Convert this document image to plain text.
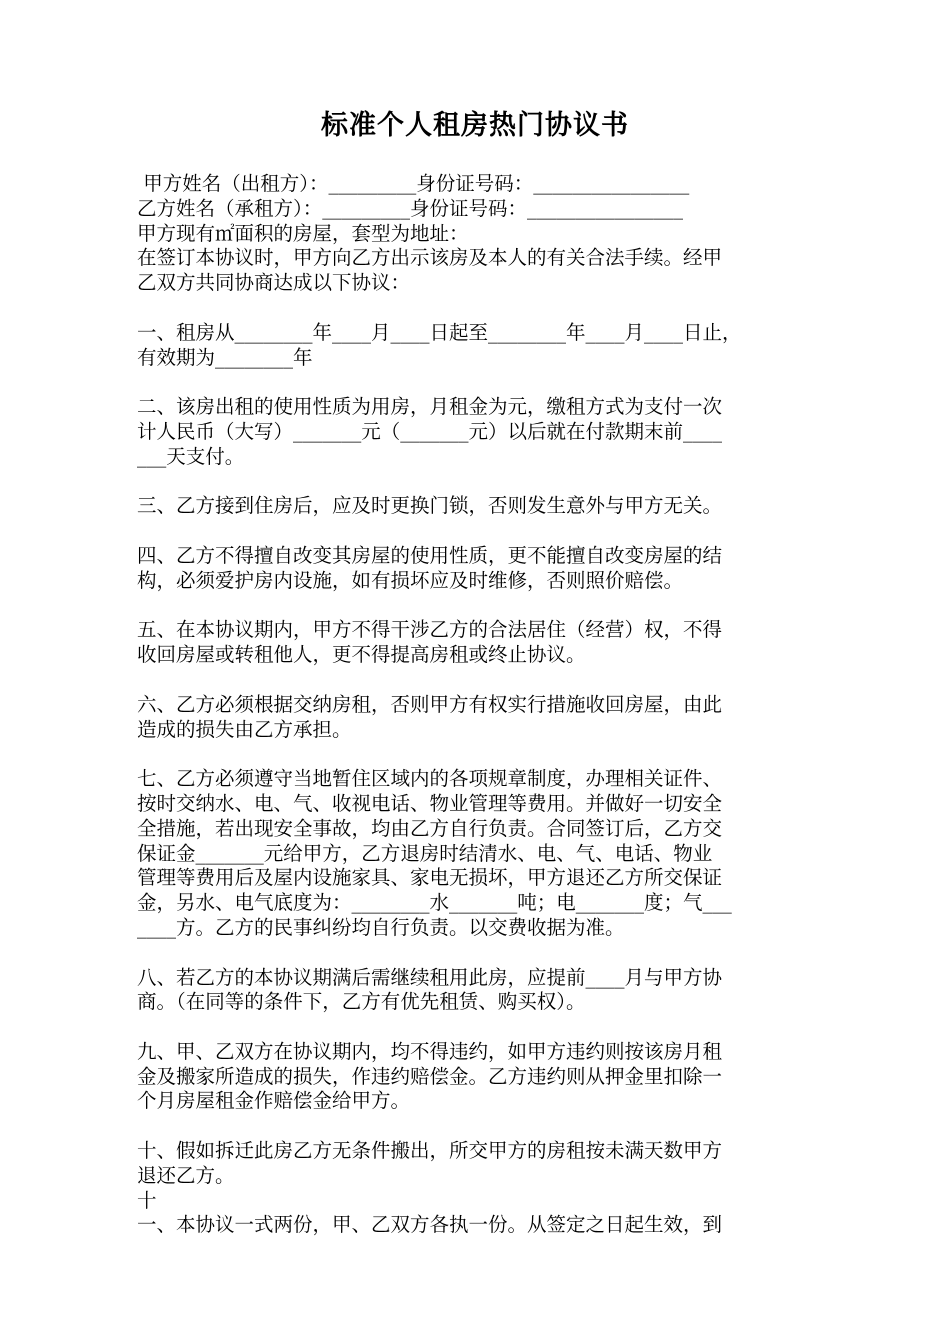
标准个人租房热门协议书
甲方姓名（出租方）：_________身份证号码：________________
乙方姓名（承租方）：_________身份证号码：________________
甲方现有㎡面积的房屋，套型为地址：
在签订本协议时，甲方向乙方出示该房及本人的有关合法手续。经甲
乙双方共同协商达成以下协议：
一、租房从________年____月____日起至________年____月____日止，
有效期为________年
二、该房出租的使用性质为用房，月租金为元，缴租方式为支付一次
计人民币（大写）_______元（_______元）以后就在付款期末前____
___天支付。
三、乙方接到住房后，应及时更换门锁，否则发生意外与甲方无关。
四、乙方不得擅自改变其房屋的使用性质，更不能擅自改变房屋的结
构，必须爱护房内设施，如有损坏应及时维修，否则照价赔偿。
五、在本协议期内，甲方不得干涉乙方的合法居住（经营）权，不得
收回房屋或转租他人，更不得提高房租或终止协议。
六、乙方必须根据交纳房租，否则甲方有权实行措施收回房屋，由此
造成的损失由乙方承担。
七、乙方必须遵守当地暂住区域内的各项规章制度，办理相关证件、
按时交纳水、电、气、收视电话、物业管理等费用。并做好一切安全
全措施，若出现安全事故，均由乙方自行负责。合同签订后，乙方交
保证金_______元给甲方，乙方退房时结清水、电、气、电话、物业
管理等费用后及屋内设施家具、家电无损坏，甲方退还乙方所交保证
金，另水、电气底度为：________水_______吨；电_______度；气___
____方。乙方的民事纠纷均自行负责。以交费收据为准。
八、若乙方的本协议期满后需继续租用此房，应提前____月与甲方协
商。（在同等的条件下，乙方有优先租赁、购买权）。
九、甲、乙双方在协议期内，均不得违约，如甲方违约则按该房月租
金及搬家所造成的损失，作违约赔偿金。乙方违约则从押金里扣除一
个月房屋租金作赔偿金给甲方。
十、假如拆迁此房乙方无条件搬出，所交甲方的房租按未满天数甲方
退还乙方。
十
一、本协议一式两份，甲、乙双方各执一份。从签定之日起生效，到
